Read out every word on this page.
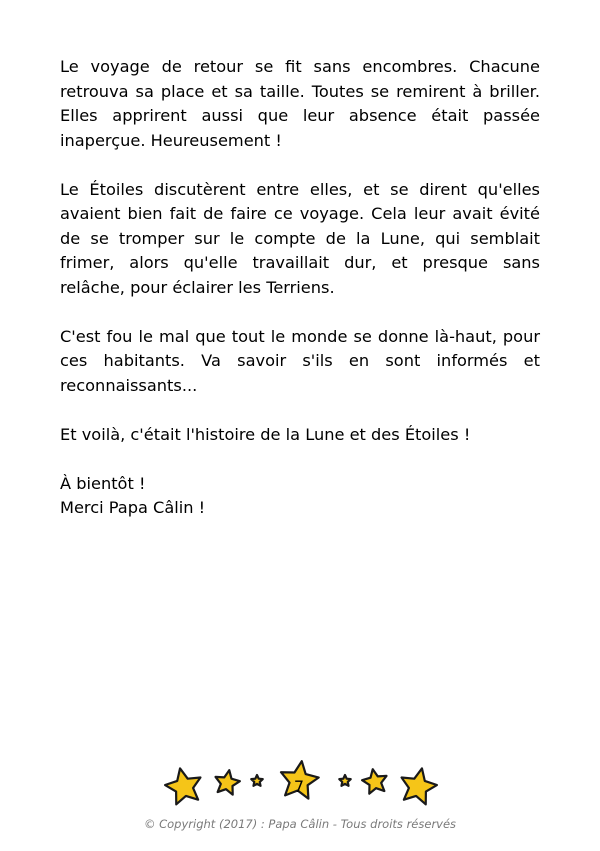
Le voyage de retour se fit sans encombres. Chacune retrouva sa place et sa taille. Toutes se remirent à briller. Elles apprirent aussi que leur absence était passée inaperçue. Heureusement !

Le Étoiles discutèrent entre elles, et se dirent qu'elles avaient bien fait de faire ce voyage. Cela leur avait évité de se tromper sur le compte de la Lune, qui semblait frimer, alors qu'elle travaillait dur, et presque sans relâche, pour éclairer les Terriens.

C'est fou le mal que tout le monde se donne là-haut, pour ces habitants. Va savoir s'ils en sont informés et reconnaissants...

Et voilà, c'était l'histoire de la Lune et des Étoiles !

À bientôt !
Merci Papa Câlin !

7
© Copyright (2017) : Papa Câlin - Tous droits réservés
